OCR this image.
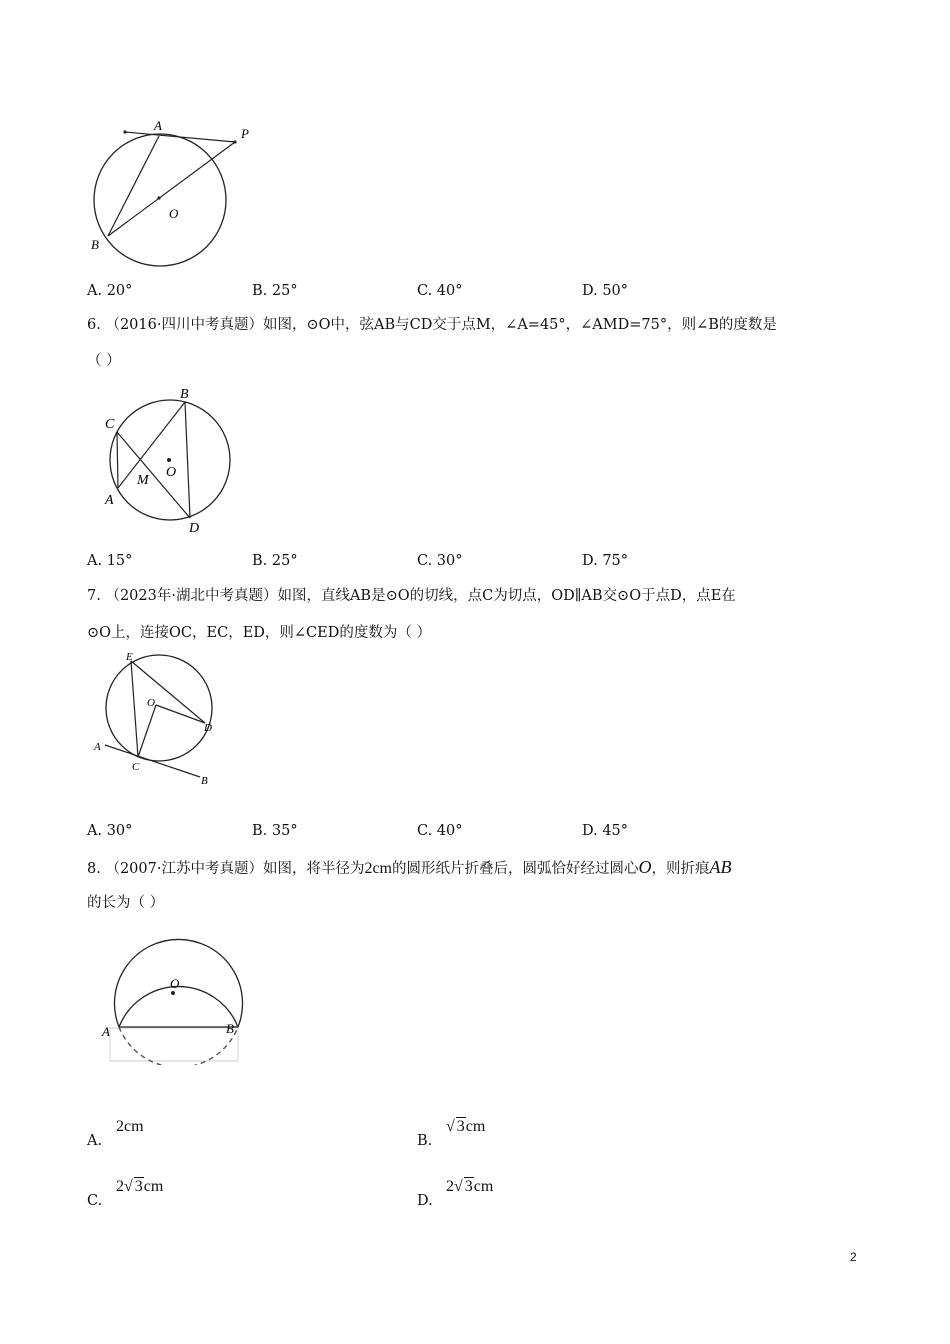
A
P
O
B
A. 20°	B. 25°	C. 40°	D. 50°
6. （2016·四川中考真题）如图，⊙O中，弦AB与CD交于点M，∠A=45°，∠AMD=75°，则∠B的度数是
（ ）
C
B
O
M
A
D
A. 15°	B. 25°	C. 30°	D. 75°
7. （2023年·湖北中考真题）如图，直线AB是⊙O的切线，点C为切点，OD∥AB交⊙O于点D，点E在
⊙O上，连接OC，EC，ED，则∠CED的度数为（ ）
E
O
D
A
C
B
A. 30°	B. 35°	C. 40°	D. 45°
8. （2007·江苏中考真题）如图，将半径为2cm的圆形纸片折叠后，圆弧恰好经过圆心O，则折痕AB
的长为（ ）
O
A	B
A.
2cm
B.
√ 3cm
C.
2√ 3cm
D.
2√ 3cm
2
